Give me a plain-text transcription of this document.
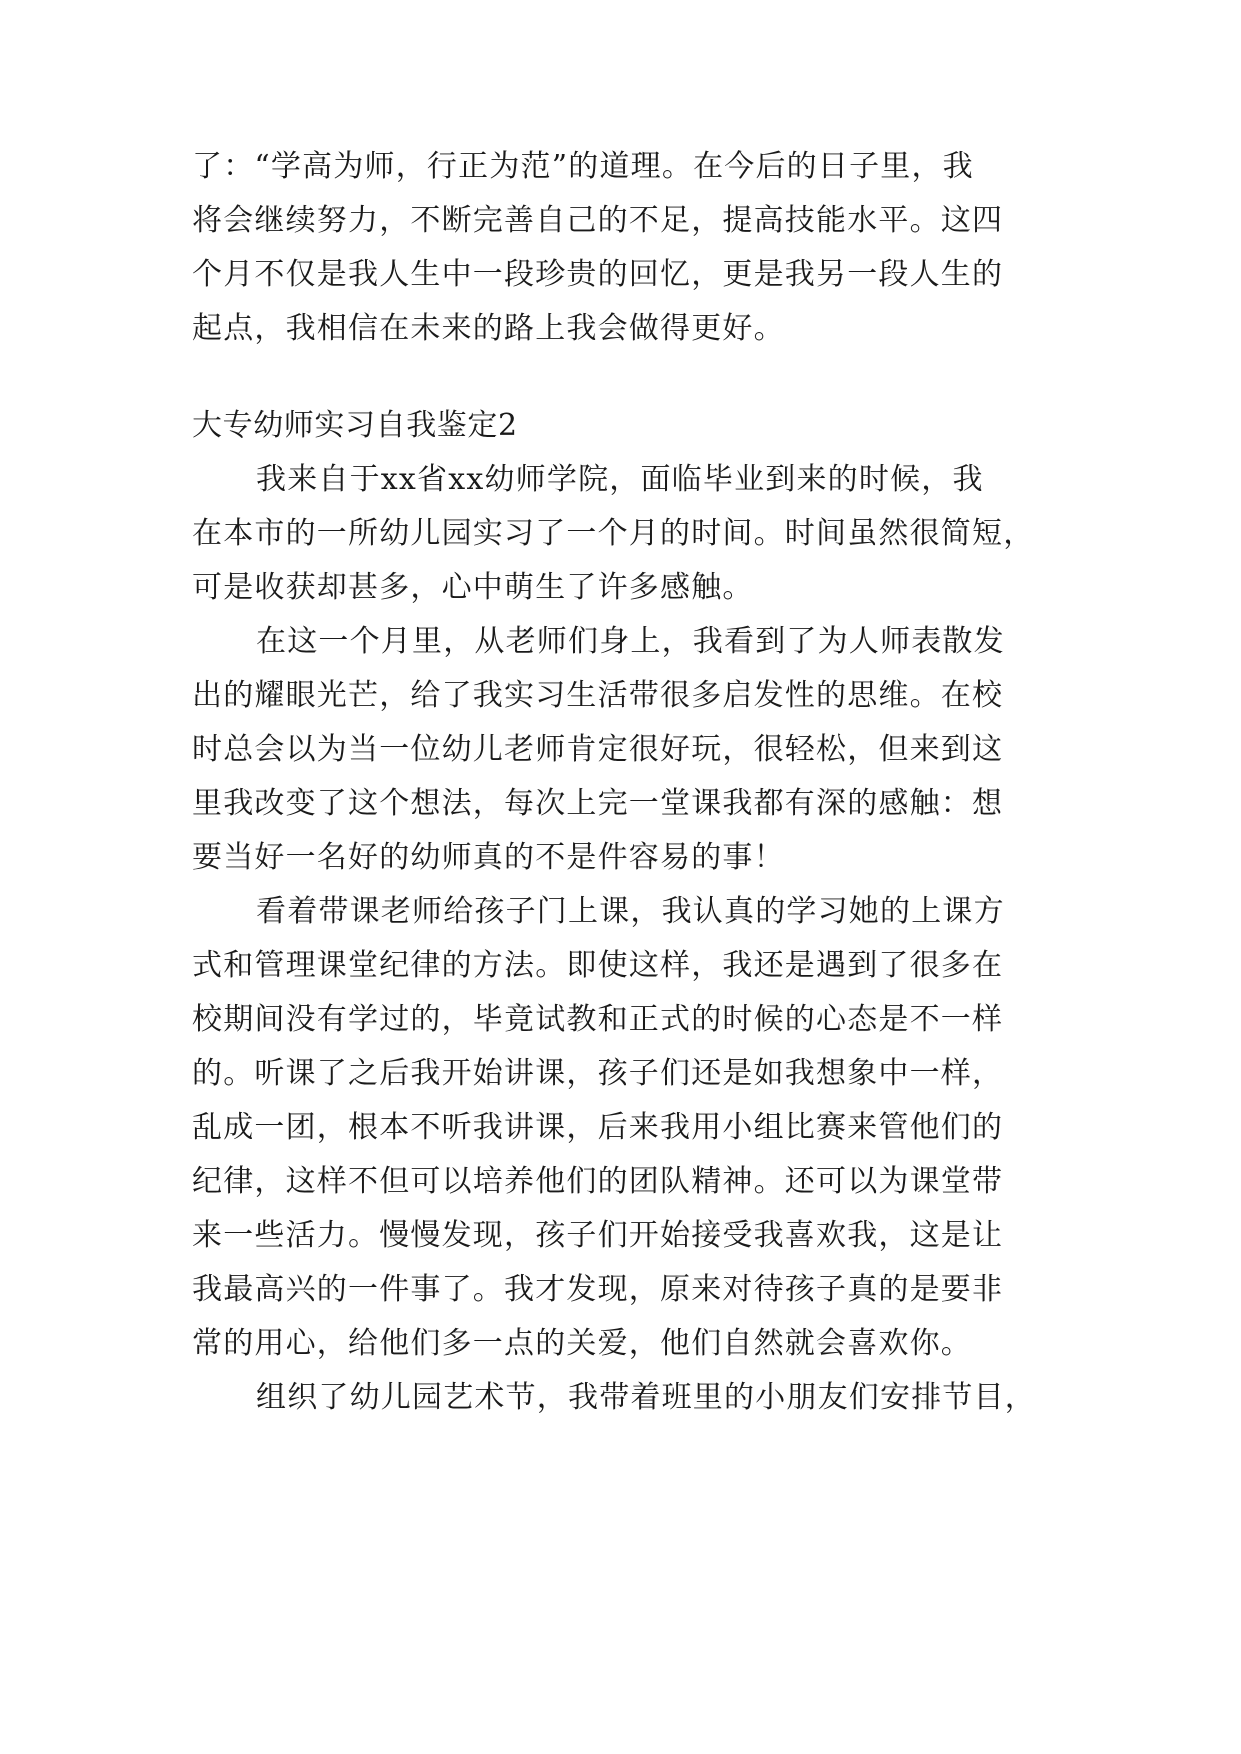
了：“学高为师，行正为范”的道理。在今后的日子里，我

将会继续努力，不断完善自己的不足，提高技能水平。这四

个月不仅是我人生中一段珍贵的回忆，更是我另一段人生的

起点，我相信在未来的路上我会做得更好。

大专幼师实习自我鉴定2

我来自于xx省xx幼师学院，面临毕业到来的时候，我

在本市的一所幼儿园实习了一个月的时间。时间虽然很简短，

可是收获却甚多，心中萌生了许多感触。

在这一个月里，从老师们身上，我看到了为人师表散发

出的耀眼光芒，给了我实习生活带很多启发性的思维。在校

时总会以为当一位幼儿老师肯定很好玩，很轻松，但来到这

里我改变了这个想法，每次上完一堂课我都有深的感触：想

要当好一名好的幼师真的不是件容易的事！

看着带课老师给孩子门上课，我认真的学习她的上课方

式和管理课堂纪律的方法。即使这样，我还是遇到了很多在

校期间没有学过的，毕竟试教和正式的时候的心态是不一样

的。听课了之后我开始讲课，孩子们还是如我想象中一样，

乱成一团，根本不听我讲课，后来我用小组比赛来管他们的

纪律，这样不但可以培养他们的团队精神。还可以为课堂带

来一些活力。慢慢发现，孩子们开始接受我喜欢我，这是让

我最高兴的一件事了。我才发现，原来对待孩子真的是要非

常的用心，给他们多一点的关爱，他们自然就会喜欢你。

组织了幼儿园艺术节，我带着班里的小朋友们安排节目，
